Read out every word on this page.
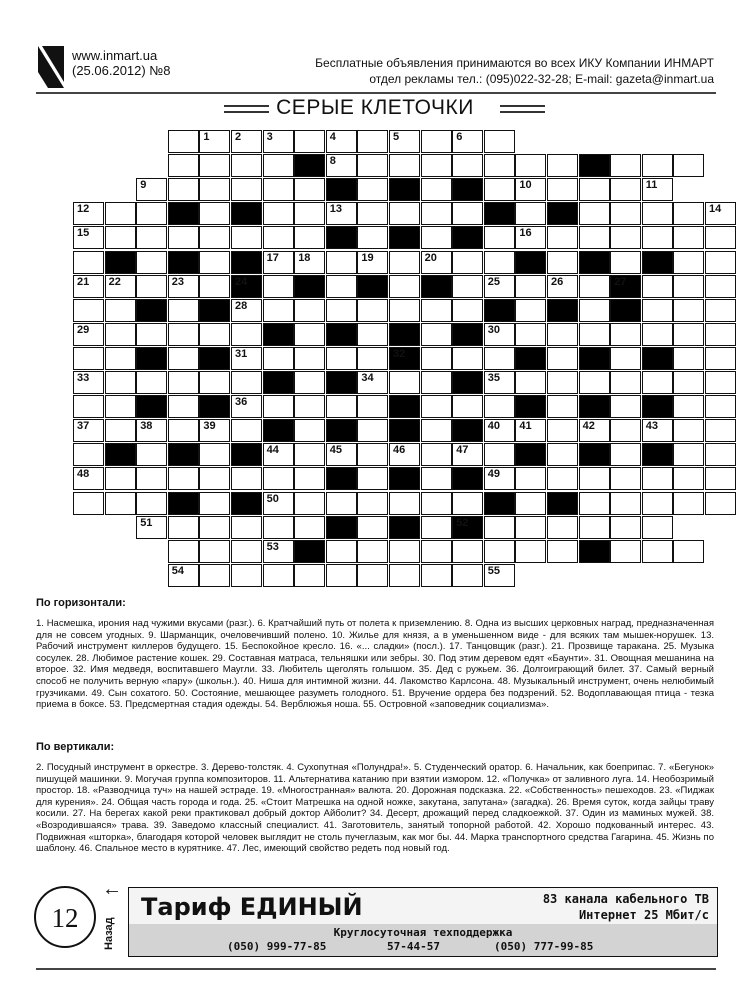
www.inmart.ua
(25.06.2012) №8	Бесплатные объявления принимаются во всех ИКУ Компании ИНМАРТ
отдел рекламы тел.: (095)022-32-28; E-mail: gazeta@inmart.ua
СЕРЫЕ КЛЕТОЧКИ
1 2 3	4	5	6
8
9	10	11
12	13	14
15	16
17 18	19	20
21 22	23	24	25	26	27
28
29	30
31	32
33	34	35
36
37	38	39	40 41	42	43
44	45	46	47
48	49
50
51	52
53
54	55
По горизонтали:
1. Насмешка, ирония над чужими вкусами (разг.). 6. Кратчайший путь от полета к приземлению. 8. Одна из высших церковных наград, предназначенная для не совсем угодных. 9. Шарманщик, очеловечивший полено. 10. Жилье для князя, а в уменьшенном виде - для всяких там мышек-норушек. 13. Рабочий инструмент киллеров будущего. 15. Беспокойное кресло. 16. «... сладки» (посл.). 17. Танцовщик (разг.). 21. Прозвище таракана. 25. Музыка сосулек. 28. Любимое растение кошек. 29. Составная матраса, тельняшки или зебры. 30. Под этим деревом едят «Баунти». 31. Овощная мешанина на второе. 32. Имя медведя, воспитавшего Маугли. 33. Любитель щеголять голышом. 35. Дед с ружьем. 36. Долгоиграющий билет. 37. Самый верный способ не получить верную «пару» (школьн.). 40. Ниша для интимной жизни. 44. Лакомство Карлсона. 48. Музыкальный инструмент, очень нелюбимый грузчиками. 49. Сын сохатого. 50. Состояние, мешающее разуметь голодного. 51. Вручение ордера без подзрений. 52. Водоплавающая птица - тезка приема в боксе. 53. Предсмертная стадия одежды. 54. Верблюжья ноша. 55. Островной «заповедник социализма».
По вертикали:
2. Посудный инструмент в оркестре. 3. Дерево-толстяк. 4. Сухопутная «Полундра!». 5. Студенческий оратор. 6. Начальник, как боеприпас. 7. «Бегунок» пишущей машинки. 9. Могучая группа композиторов. 11. Альтернатива катанию при взятии измором. 12. «Получка» от заливного луга. 14. Необозримый простор. 18. «Разводчица туч» на нашей эстраде. 19. «Многостранная» валюта. 20. Дорожная подсказка. 22. «Собственность» пешеходов. 23. «Пиджак для курения». 24. Общая часть города и года. 25. «Стоит Матрешка на одной ножке, закутана, запутана» (загадка). 26. Время суток, когда зайцы траву косили. 27. На берегах какой реки практиковал добрый доктор Айболит? 34. Десерт, дрожащий перед сладкоежкой. 37. Один из маминых мужей. 38. «Возродившаяся» трава. 39. Заведомо классный специалист. 41. Заготовитель, занятый топорной работой. 42. Хорошо подкованный интерес. 43. Подвижная «шторка», благодаря которой человек выглядит не столь пучеглазым, как мог бы. 44. Марка транспортного средства Гагарина. 45. Жизнь по шаблону. 46. Спальное место в курятнике. 47. Лес, имеющий свойство редеть под новый год.
12
←
Назад
Тариф ЕДИНЫЙ	83 канала кабельного ТВ
Интернет 25 Мбит/с
Круглосуточная техподдержка
(050) 999-77-85	57-44-57	(050) 777-99-85
